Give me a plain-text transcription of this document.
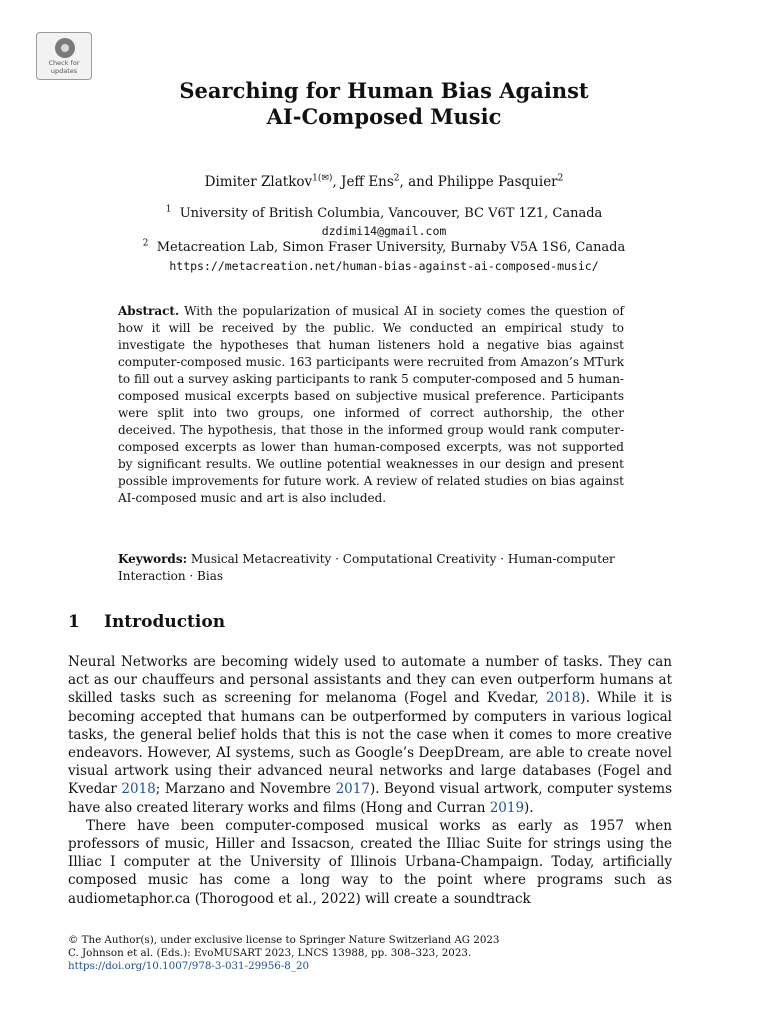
Check for
updates
Searching for Human Bias Against
AI-Composed Music
Dimiter Zlatkov$^{1(✉)}$, Jeff Ens$^2$, and Philippe Pasquier$^2$
$^1$ University of British Columbia, Vancouver, BC V6T 1Z1, Canada
dzdimi14@gmail.com
$^2$ Metacreation Lab, Simon Fraser University, Burnaby V5A 1S6, Canada
https://metacreation.net/human-bias-against-ai-composed-music/

Abstract. With the popularization of musical AI in society comes the question of how it will be received by the public. We conducted an empirical study to investigate the hypotheses that human listeners hold a negative bias against computer-composed music. 163 participants were recruited from Amazon’s MTurk to fill out a survey asking participants to rank 5 computer-composed and 5 human-composed musical excerpts based on subjective musical preference. Participants were split into two groups, one informed of correct authorship, the other deceived. The hypothesis, that those in the informed group would rank computer-composed excerpts as lower than human-composed excerpts, was not supported by significant results. We outline potential weaknesses in our design and present possible improvements for future work. A review of related studies on bias against AI-composed music and art is also included.

Keywords: Musical Metacreativity · Computational Creativity · Human-computer Interaction · Bias
1 Introduction

Neural Networks are becoming widely used to automate a number of tasks. They can act as our chauffeurs and personal assistants and they can even outperform humans at skilled tasks such as screening for melanoma (Fogel and Kvedar, 2018). While it is becoming accepted that humans can be outperformed by computers in various logical tasks, the general belief holds that this is not the case when it comes to more creative endeavors. However, AI systems, such as Google’s DeepDream, are able to create novel visual artwork using their advanced neural networks and large databases (Fogel and Kvedar 2018; Marzano and Novembre 2017). Beyond visual artwork, computer systems have also created literary works and films (Hong and Curran 2019).

There have been computer-composed musical works as early as 1957 when professors of music, Hiller and Issacson, created the Illiac Suite for strings using the Illiac I computer at the University of Illinois Urbana-Champaign. Today, artificially composed music has come a long way to the point where programs such as audiometaphor.ca (Thorogood et al., 2022) will create a soundtrack

© The Author(s), under exclusive license to Springer Nature Switzerland AG 2023
C. Johnson et al. (Eds.): EvoMUSART 2023, LNCS 13988, pp. 308–323, 2023.
https://doi.org/10.1007/978-3-031-29956-8_20
